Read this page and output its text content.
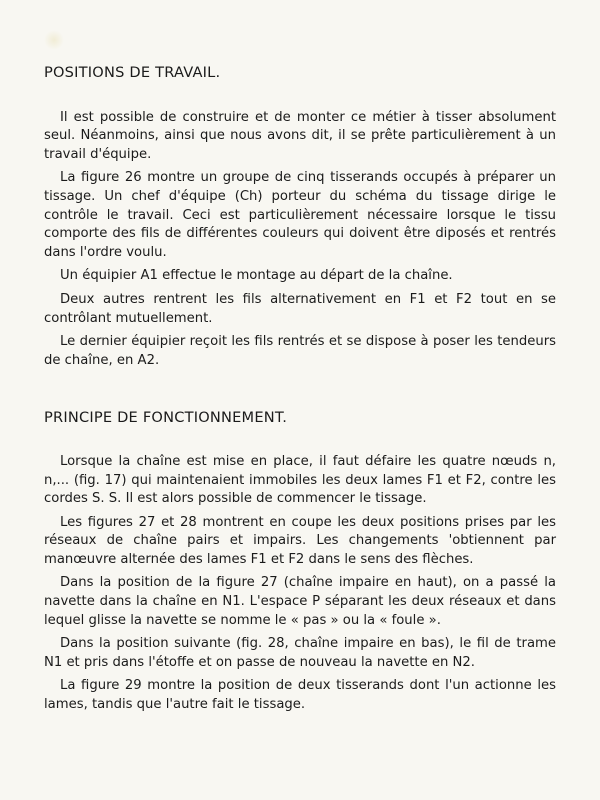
POSITIONS DE TRAVAIL.

Il est possible de construire et de monter ce métier à tisser absolument seul. Néanmoins, ainsi que nous avons dit, il se prête particulièrement à un travail d'équipe.

La figure 26 montre un groupe de cinq tisserands occupés à préparer un tissage. Un chef d'équipe (Ch) porteur du schéma du tissage dirige le contrôle le travail. Ceci est particulièrement nécessaire lorsque le tissu comporte des fils de différentes couleurs qui doivent être diposés et rentrés dans l'ordre voulu.

Un équipier A1 effectue le montage au départ de la chaîne.

Deux autres rentrent les fils alternativement en F1 et F2 tout en se contrôlant mutuellement.

Le dernier équipier reçoit les fils rentrés et se dispose à poser les tendeurs de chaîne, en A2.

PRINCIPE DE FONCTIONNEMENT.

Lorsque la chaîne est mise en place, il faut défaire les quatre nœuds n, n,... (fig. 17) qui maintenaient immobiles les deux lames F1 et F2, contre les cordes S. S. Il est alors possible de commencer le tissage.

Les figures 27 et 28 montrent en coupe les deux positions prises par les réseaux de chaîne pairs et impairs. Les changements 'obtiennent par manœuvre alternée des lames F1 et F2 dans le sens des flèches.

Dans la position de la figure 27 (chaîne impaire en haut), on a passé la navette dans la chaîne en N1. L'espace P séparant les deux réseaux et dans lequel glisse la navette se nomme le « pas » ou la « foule ».

Dans la position suivante (fig. 28, chaîne impaire en bas), le fil de trame N1 et pris dans l'étoffe et on passe de nouveau la navette en N2.

La figure 29 montre la position de deux tisserands dont l'un actionne les lames, tandis que l'autre fait le tissage.
